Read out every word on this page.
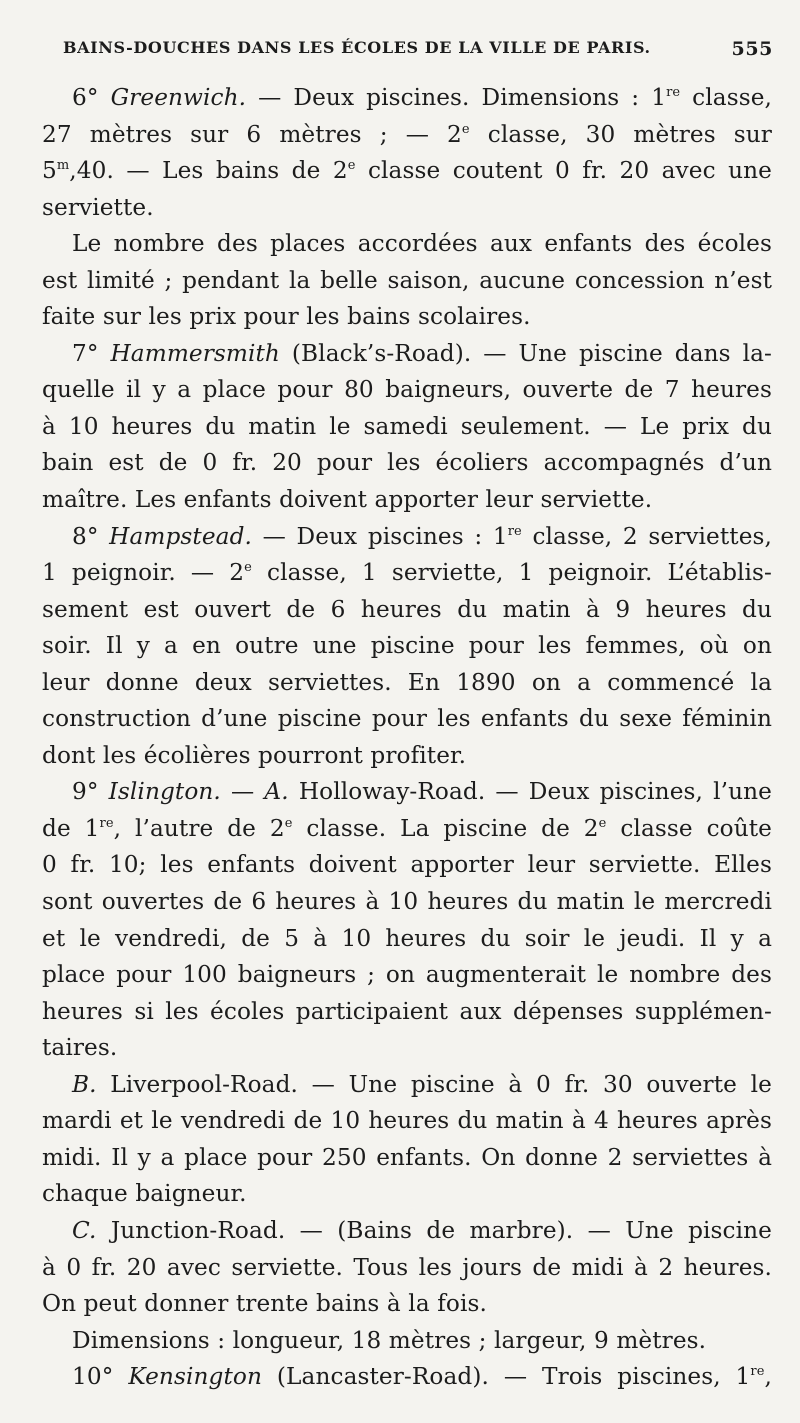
BAINS-DOUCHES DANS LES ÉCOLES DE LA VILLE DE PARIS.	555
6° Greenwich. — Deux piscines. Dimensions : 1re classe,
27 mètres sur 6 mètres ; — 2e classe, 30 mètres sur
5$^m$,40. — Les bains de 2e classe coutent 0 fr. 20 avec une
serviette.
Le nombre des places accordées aux enfants des écoles
est limité ; pendant la belle saison, aucune concession n’est
faite sur les prix pour les bains scolaires.
7° Hammersmith (Black’s-Road). — Une piscine dans la-
quelle il y a place pour 80 baigneurs, ouverte de 7 heures
à 10 heures du matin le samedi seulement. — Le prix du
bain est de 0 fr. 20 pour les écoliers accompagnés d’un
maître. Les enfants doivent apporter leur serviette.
8° Hampstead. — Deux piscines : 1re classe, 2 serviettes,
1 peignoir. — 2e classe, 1 serviette, 1 peignoir. L’établis-
sement est ouvert de 6 heures du matin à 9 heures du
soir. Il y a en outre une piscine pour les femmes, où on
leur donne deux serviettes. En 1890 on a commencé la
construction d’une piscine pour les enfants du sexe féminin
dont les écolières pourront profiter.
9° Islington. — A. Holloway-Road. — Deux piscines, l’une
de 1re, l’autre de 2e classe. La piscine de 2e classe coûte
0 fr. 10; les enfants doivent apporter leur serviette. Elles
sont ouvertes de 6 heures à 10 heures du matin le mercredi
et le vendredi, de 5 à 10 heures du soir le jeudi. Il y a
place pour 100 baigneurs ; on augmenterait le nombre des
heures si les écoles participaient aux dépenses supplémen-
taires.
B. Liverpool-Road. — Une piscine à 0 fr. 30 ouverte le
mardi et le vendredi de 10 heures du matin à 4 heures après
midi. Il y a place pour 250 enfants. On donne 2 serviettes à
chaque baigneur.
C. Junction-Road. — (Bains de marbre). — Une piscine
à 0 fr. 20 avec serviette. Tous les jours de midi à 2 heures.
On peut donner trente bains à la fois.
Dimensions : longueur, 18 mètres ; largeur, 9 mètres.
10° Kensington (Lancaster-Road). — Trois piscines, 1re,
